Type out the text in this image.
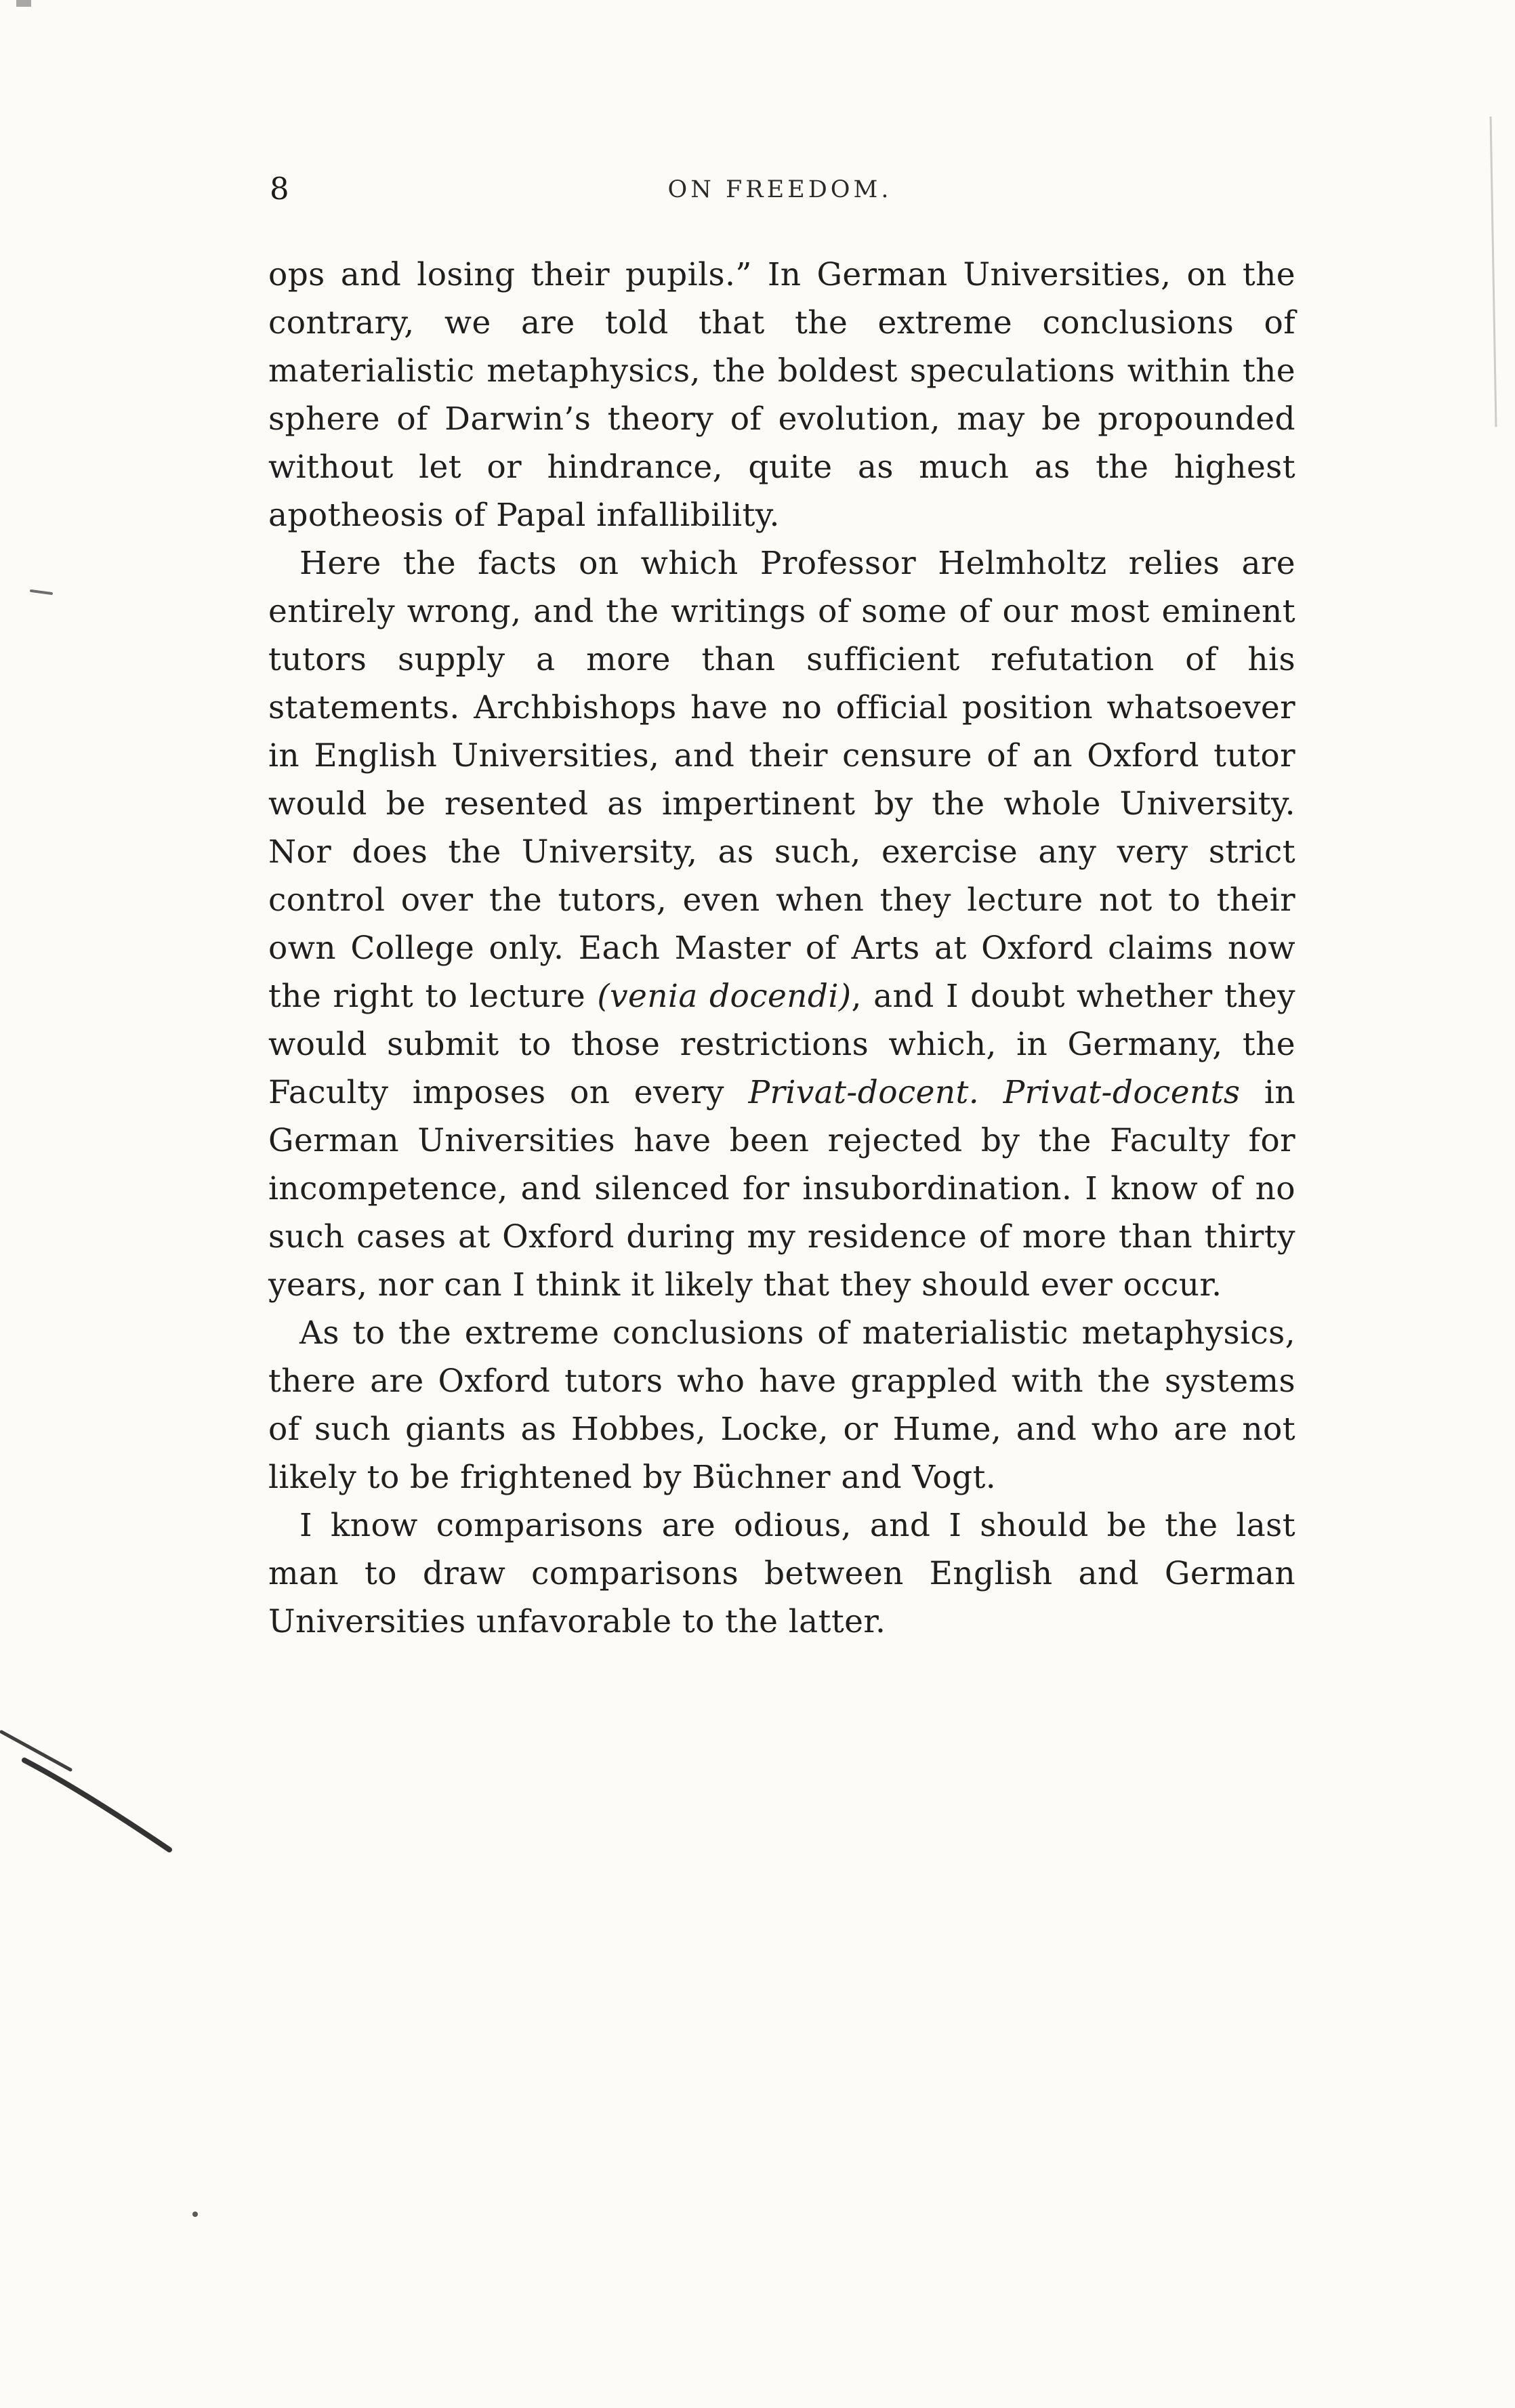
8	ON FREEDOM.

ops and losing their pupils.” In German Universities, on the contrary, we are told that the extreme conclusions of materialistic metaphysics, the boldest speculations within the sphere of Darwin’s theory of evolution, may be propounded without let or hindrance, quite as much as the highest apotheosis of Papal infallibility.

Here the facts on which Professor Helmholtz relies are entirely wrong, and the writings of some of our most eminent tutors supply a more than sufficient refutation of his statements. Archbishops have no official position whatsoever in English Universities, and their censure of an Oxford tutor would be resented as impertinent by the whole University. Nor does the University, as such, exercise any very strict control over the tutors, even when they lecture not to their own College only. Each Master of Arts at Oxford claims now the right to lecture (venia docendi), and I doubt whether they would submit to those restrictions which, in Germany, the Faculty imposes on every Privat-docent. Privat-docents in German Universities have been rejected by the Faculty for incompetence, and silenced for insubordination. I know of no such cases at Oxford during my residence of more than thirty years, nor can I think it likely that they should ever occur.

As to the extreme conclusions of materialistic metaphysics, there are Oxford tutors who have grappled with the systems of such giants as Hobbes, Locke, or Hume, and who are not likely to be frightened by Büchner and Vogt.

I know comparisons are odious, and I should be the last man to draw comparisons between English and German Universities unfavorable to the latter.
